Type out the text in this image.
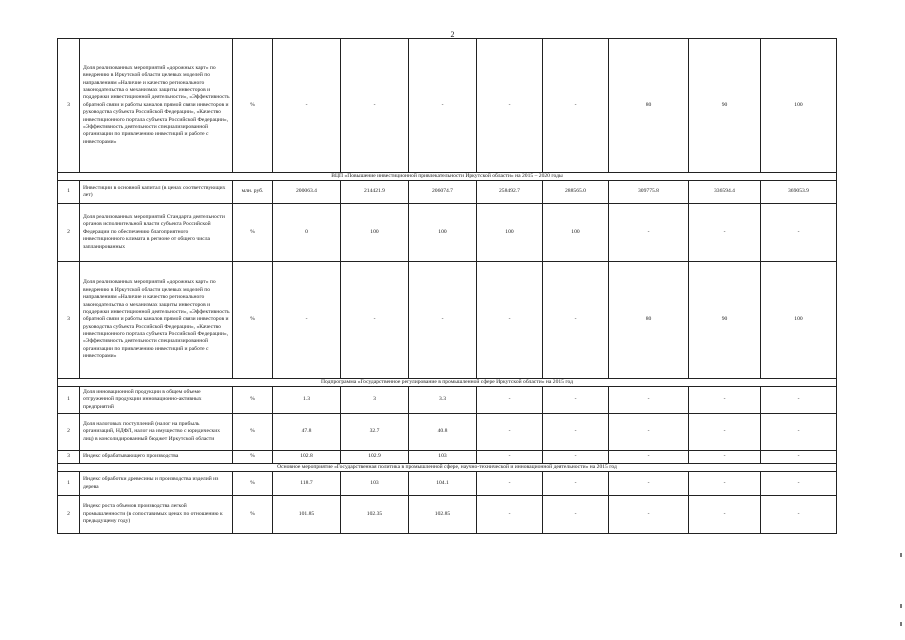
2
3	Доля реализованных мероприятий «дорожных карт» по внедрению в Иркутской области целевых моделей по направлениям «Наличие и качество регионального законодательства о механизмах защиты инвесторов и поддержки инвестиционной деятельности», «Эффективность обратной связи и работы каналов прямой связи инвесторов и руководства субъекта Российской Федерации», «Качество инвестиционного портала субъекта Российской Федерации», «Эффективность деятельности специализированной организации по привлечению инвестиций и работе с инвесторами»	%	-	-	-	-	-	80	90	100
ВЦП «Повышение инвестиционной привлекательности Иркутской области» на 2015 – 2020 годы										
1	Инвестиции в основной капитал (в ценах соответствующих лет)	млн. руб.	200063.4	214421.9	206074.7	258492.7	288565.0	309775.8	336594.4	369053.9
2	Доля реализованных мероприятий Стандарта деятельности органов исполнительной власти субъекта Российской Федерации по обеспечению благоприятного инвестиционного климата в регионе от общего числа запланированных	%	0	100	100	100	100	-	-	-
3	Доля реализованных мероприятий «дорожных карт» по внедрению в Иркутской области целевых моделей по направлениям «Наличие и качество регионального законодательства о механизмах защиты инвесторов и поддержки инвестиционной деятельности», «Эффективность обратной связи и работы каналов прямой связи инвесторов и руководства субъекта Российской Федерации», «Качество инвестиционного портала субъекта Российской Федерации», «Эффективность деятельности специализированной организации по привлечению инвестиций и работе с инвесторами»	%	-	-	-	-	-	80	90	100
Подпрограмма «Государственное регулирование в промышленной сфере Иркутской области» на 2015 год										
1	Доля инновационной продукции в общем объеме отгруженной продукции инновационно-активных предприятий	%	1.3	3	3.3	-	-	-	-	-
2	Доля налоговых поступлений (налог на прибыль организаций, НДФЛ, налог на имущество с юридических лиц) в консолидированный бюджет Иркутской области	%	47.8	32.7	40.8	-	-	-	-	-
3	Индекс обрабатывающего производства	%	102.8	102.9	103	-	-	-	-	-
Основное мероприятие «Государственная политика в промышленной сфере, научно-технической и инновационной деятельности» на 2015 год										
1	Индекс обработки древесины и производства изделий из дерева	%	118.7	103	104.1	-	-	-	-	-
2	Индекс роста объемов производства легкой промышленности (в сопоставимых ценах по отношению к предыдущему году)	%	101.85	102.35	102.85	-	-	-	-	-
